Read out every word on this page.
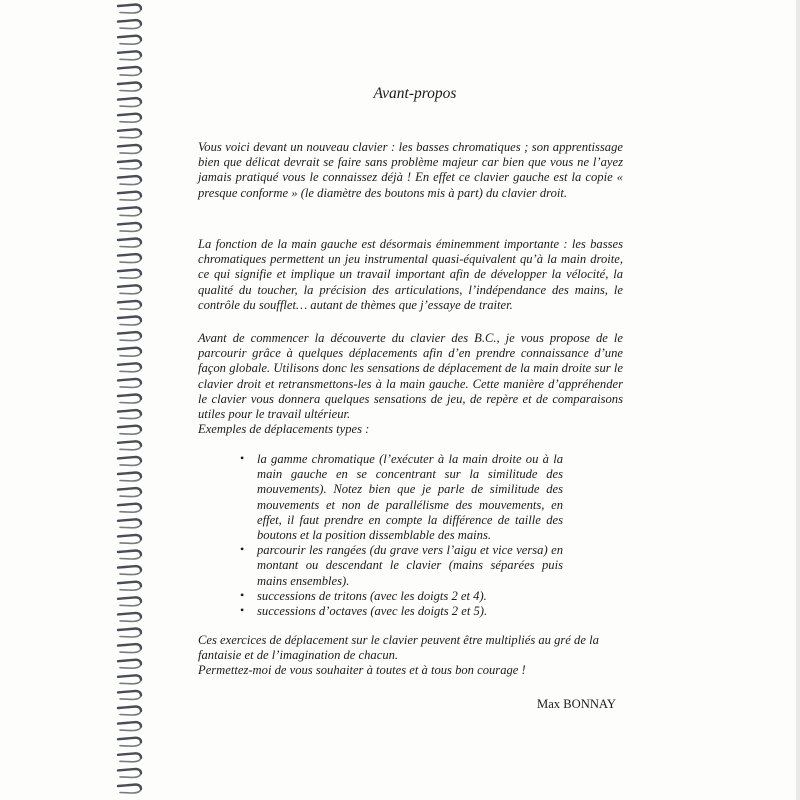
Avant-propos

Vous voici devant un nouveau clavier : les basses chromatiques ; son apprentissage bien que délicat devrait se faire sans problème majeur car bien que vous ne l’ayez jamais pratiqué vous le connaissez déjà ! En effet ce clavier gauche est la copie « presque conforme » (le diamètre des boutons mis à part) du clavier droit.

La fonction de la main gauche est désormais éminemment importante : les basses chromatiques permettent un jeu instrumental quasi-équivalent qu’à la main droite, ce qui signifie et implique un travail important afin de développer la vélocité, la qualité du toucher, la précision des articulations, l’indépendance des mains, le contrôle du soufflet… autant de thèmes que j’essaye de traiter.

Avant de commencer la découverte du clavier des B.C., je vous propose de le parcourir grâce à quelques déplacements afin d’en prendre connaissance d’une façon globale. Utilisons donc les sensations de déplacement de la main droite sur le clavier droit et retransmettons-les à la main gauche. Cette manière d’appréhender le clavier vous donnera quelques sensations de jeu, de repère et de comparaisons utiles pour le travail ultérieur.
Exemples de déplacements types :
• la gamme chromatique (l’exécuter à la main droite ou à la main gauche en se concentrant sur la similitude des mouvements). Notez bien que je parle de similitude des mouvements et non de parallélisme des mouvements, en effet, il faut prendre en compte la différence de taille des boutons et la position dissemblable des mains.
• parcourir les rangées (du grave vers l’aigu et vice versa) en montant ou descendant le clavier (mains séparées puis mains ensembles).
• successions de tritons (avec les doigts 2 et 4).
• successions d’octaves (avec les doigts 2 et 5).
Ces exercices de déplacement sur le clavier peuvent être multipliés au gré de la
fantaisie et de l’imagination de chacun.
Permettez-moi de vous souhaiter à toutes et à tous bon courage !
Max BONNAY
